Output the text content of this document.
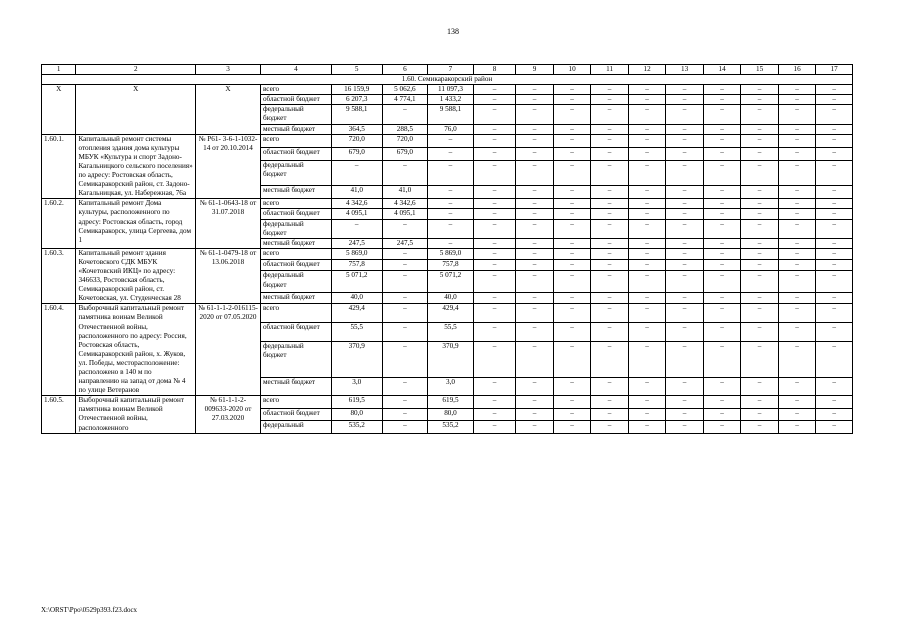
138
1	2	3	4	5	6	7	8	9	10	11	12	13	14	15	16	17
1.60. Семикаракорский район																
X	X	X	всего	16 159,9	5 062,6	11 097,3	–	–	–	–	–	–	–	–	–	–
			областной бюджет	6 207,3	4 774,1	1 433,2	–	–	–	–	–	–	–	–	–	–
			федеральный бюджет	9 588,1	–	9 588,1	–	–	–	–	–	–	–	–	–	–
			местный бюджет	364,5	288,5	76,0	–	–	–	–	–	–	–	–	–	–
1.60.1.	Капитальный ремонт системы отопления здания дома культуры МБУК «Культура и спорт Задоно-Кагальницкого сельского поселения» по адресу: Ростовская область, Семикаракорский район, ст. Задоно-Кагальницкая, ул. Набережная, 76а	№ Р61- 3-6-1-1032-14 от 20.10.2014	всего	720,0	720,0	–	–	–	–	–	–	–	–	–	–	–
			областной бюджет	679,0	679,0	–	–	–	–	–	–	–	–	–	–	–
			федеральный бюджет	–	–	–	–	–	–	–	–	–	–	–	–	–
			местный бюджет	41,0	41,0	–	–	–	–	–	–	–	–	–	–	–
1.60.2.	Капитальный ремонт Дома культуры, расположенного по адресу: Ростовская область, город Семикаракорск, улица Сергеева, дом 1	№ 61-1-0643-18 от 31.07.2018	всего	4 342,6	4 342,6	–	–	–	–	–	–	–	–	–	–	–
			областной бюджет	4 095,1	4 095,1	–	–	–	–	–	–	–	–	–	–	–
			федеральный бюджет	–	–	–	–	–	–	–	–	–	–	–	–	–
			местный бюджет	247,5	247,5	–	–	–	–	–	–	–	–	–	–	–
1.60.3.	Капитальный ремонт здания Кочетовского СДК МБУК «Кочетовский ИКЦ» по адресу: 346633, Ростовская область, Семикаракорский район, ст. Кочетовская, ул. Студенческая 28	№ 61-1-0479-18 от 13.06.2018	всего	5 869,0	–	5 869,0	–	–	–	–	–	–	–	–	–	–
			областной бюджет	757,8	–	757,8	–	–	–	–	–	–	–	–	–	–
			федеральный бюджет	5 071,2	–	5 071,2	–	–	–	–	–	–	–	–	–	–
			местный бюджет	40,0	–	40,0	–	–	–	–	–	–	–	–	–	–
1.60.4.	Выборочный капитальный ремонт памятника воинам Великой Отечественной войны, расположенного по адресу: Россия, Ростовская область, Семикаракорский район, х. Жуков, ул. Победы, месторасположение: расположено в 140 м по направлению на запад от дома № 4 по улице Ветеранов	№ 61-1-1-2-016115-2020 от 07.05.2020	всего	429,4	–	429,4	–	–	–	–	–	–	–	–	–	–
			областной бюджет	55,5	–	55,5	–	–	–	–	–	–	–	–	–	–
			федеральный бюджет	370,9	–	370,9	–	–	–	–	–	–	–	–	–	–
			местный бюджет	3,0	–	3,0	–	–	–	–	–	–	–	–	–	–
1.60.5.	Выборочный капитальный ремонт памятника воинам Великой Отечественной войны, расположенного	№ 61-1-1-2-009633-2020 от 27.03.2020	всего	619,5	–	619,5	–	–	–	–	–	–	–	–	–	–
			областной бюджет	80,0	–	80,0	–	–	–	–	–	–	–	–	–	–
			федеральный	535,2	–	535,2	–	–	–	–	–	–	–	–	–	–
X:\ORST\Ppo\0529p393.f23.docx
